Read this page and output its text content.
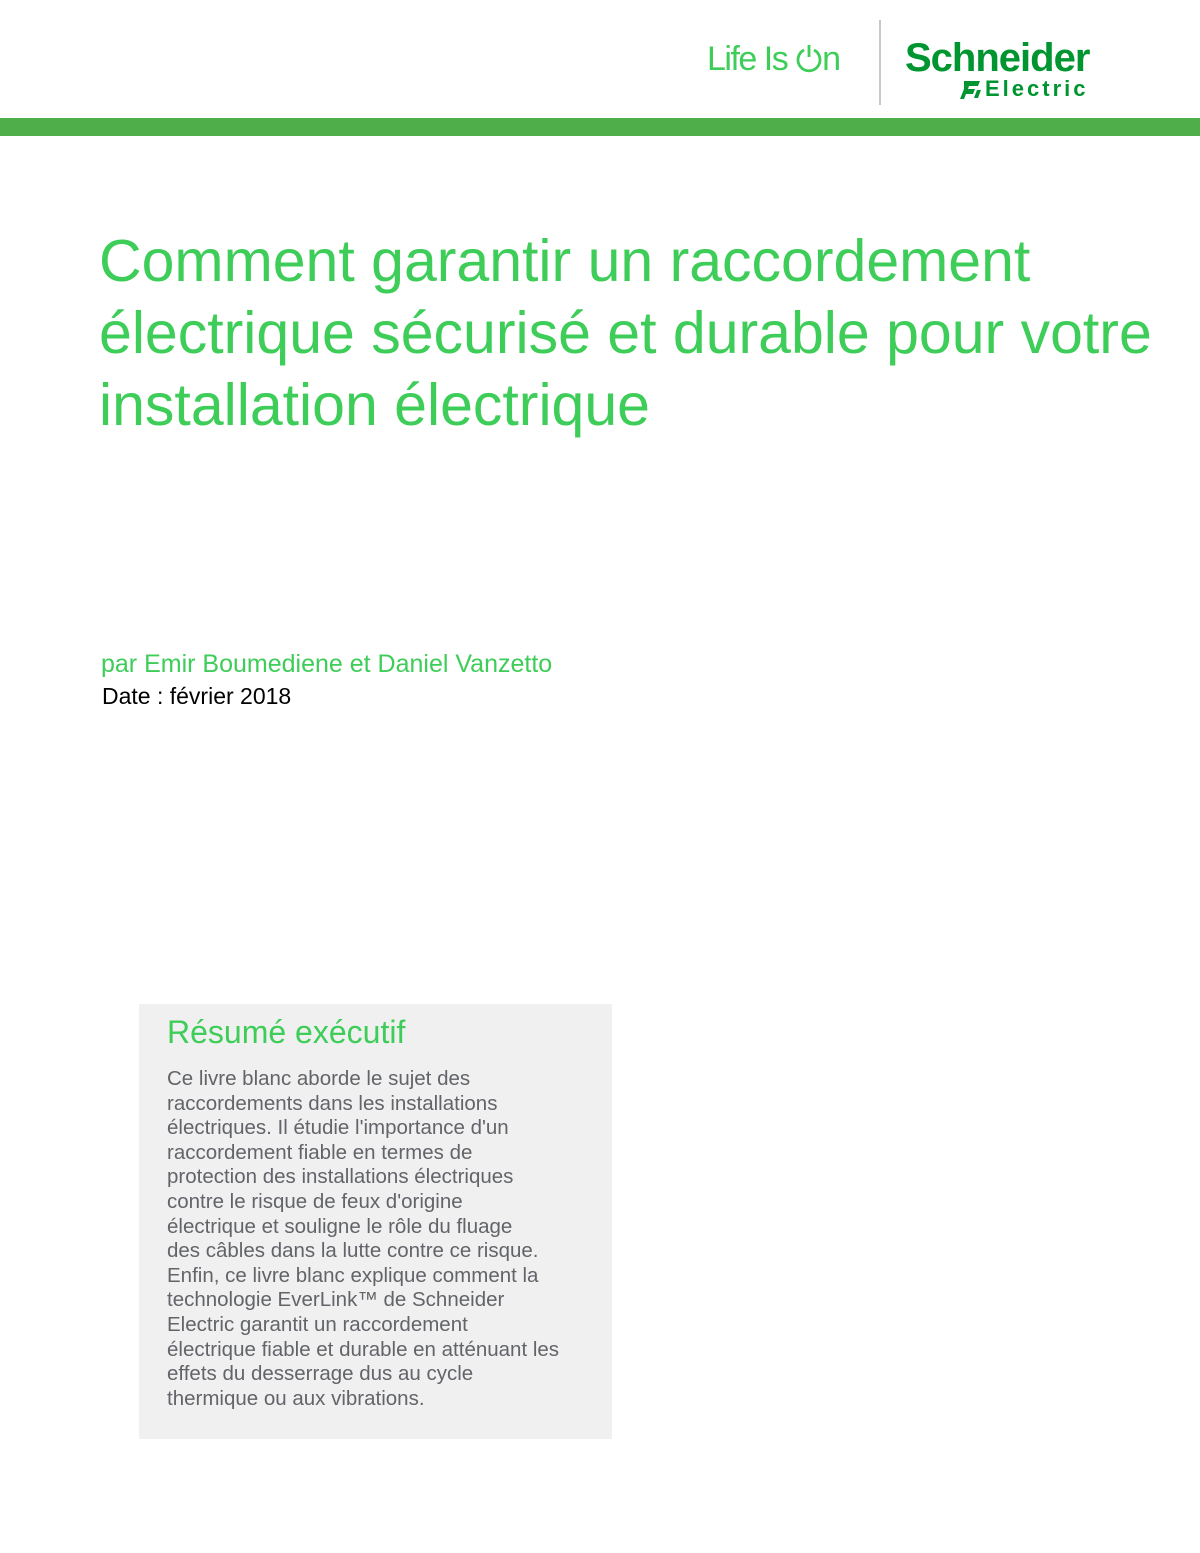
Life Is n Schneider
Electric
Comment garantir un raccordement électrique sécurisé et durable pour votre installation électrique
par Emir Boumediene et Daniel Vanzetto
Date : février 2018
Résumé exécutif

Ce livre blanc aborde le sujet des
raccordements dans les installations
électriques. Il étudie l'importance d'un
raccordement fiable en termes de
protection des installations électriques
contre le risque de feux d'origine
électrique et souligne le rôle du fluage
des câbles dans la lutte contre ce risque.
Enfin, ce livre blanc explique comment la
technologie EverLink™ de Schneider
Electric garantit un raccordement
électrique fiable et durable en atténuant les
effets du desserrage dus au cycle
thermique ou aux vibrations.
